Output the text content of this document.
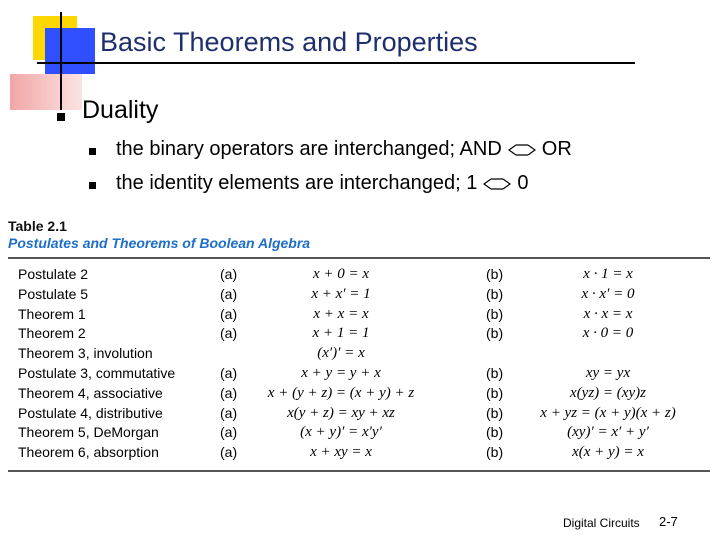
Basic Theorems and Properties
Duality
the binary operators are interchanged; AND OR
the identity elements are interchanged; 1 0
Table 2.1
Postulates and Theorems of Boolean Algebra
Postulate 2	(a)	x + 0 = x	(b)	x · 1 = x
Postulate 5	(a)	x + x′ = 1	(b)	x · x′ = 0
Theorem 1	(a)	x + x = x	(b)	x · x = x
Theorem 2	(a)	x + 1 = 1	(b)	x · 0 = 0
Theorem 3, involution	(x′)′ = x
Postulate 3, commutative	(a)	x + y = y + x	(b)	xy = yx
Theorem 4, associative	(a)	x + (y + z) = (x + y) + z	(b)	x(yz) = (xy)z
Postulate 4, distributive	(a)	x(y + z) = xy + xz	(b)	x + yz = (x + y)(x + z)
Theorem 5, DeMorgan	(a)	(x + y)′ = x′y′	(b)	(xy)′ = x′ + y′
Theorem 6, absorption	(a)	x + xy = x	(b)	x(x + y) = x
Digital Circuits 2-7
